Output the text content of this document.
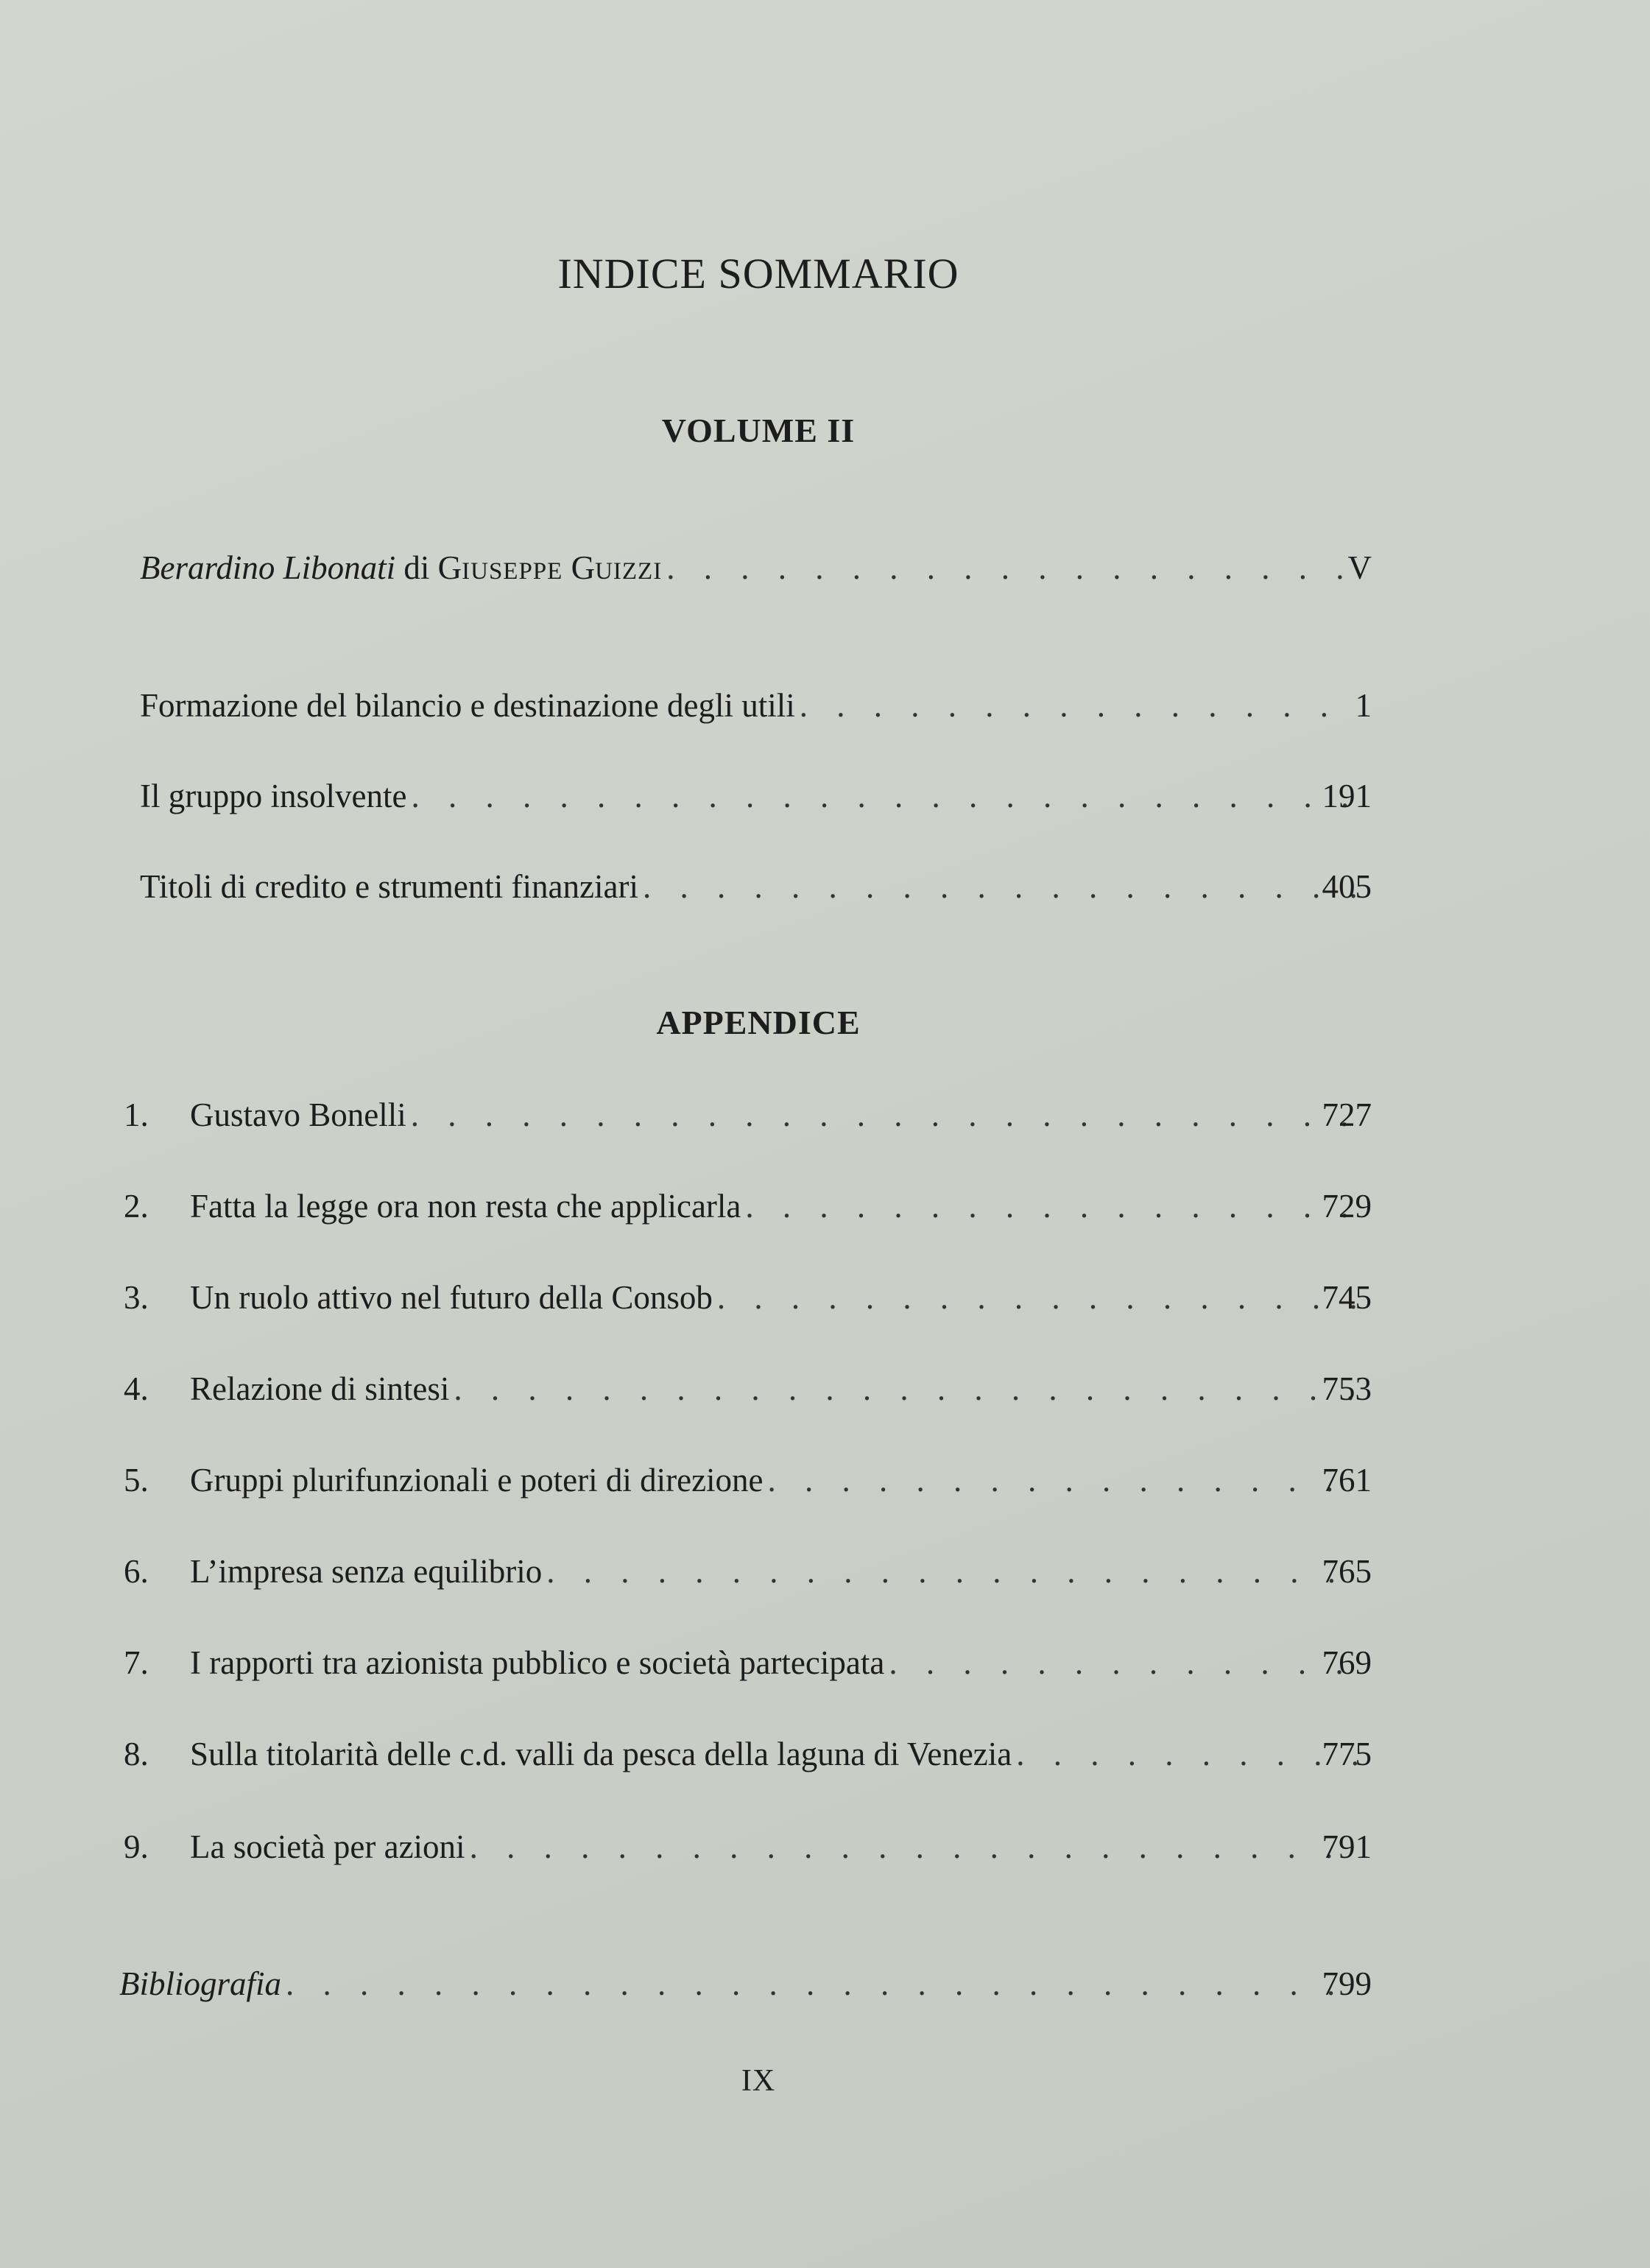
INDICE SOMMARIO
VOLUME II
Berardino Libonati di GIUSEPPE GUIZZI . . .	V
Formazione del bilancio e destinazione degli utili . . .	1
Il gruppo insolvente . . .	191
Titoli di credito e strumenti finanziari . . .	405
APPENDICE
1.	Gustavo Bonelli . . .	727
2.	Fatta la legge ora non resta che applicarla . . .	729
3.	Un ruolo attivo nel futuro della Consob . . .	745
4.	Relazione di sintesi . . .	753
5.	Gruppi plurifunzionali e poteri di direzione . . .	761
6.	L’impresa senza equilibrio . . .	765
7.	I rapporti tra azionista pubblico e società partecipata . . .	769
8.	Sulla titolarità delle c.d. valli da pesca della laguna di Venezia . . .	775
9.	La società per azioni . . .	791
Bibliografia . . .	799
IX
